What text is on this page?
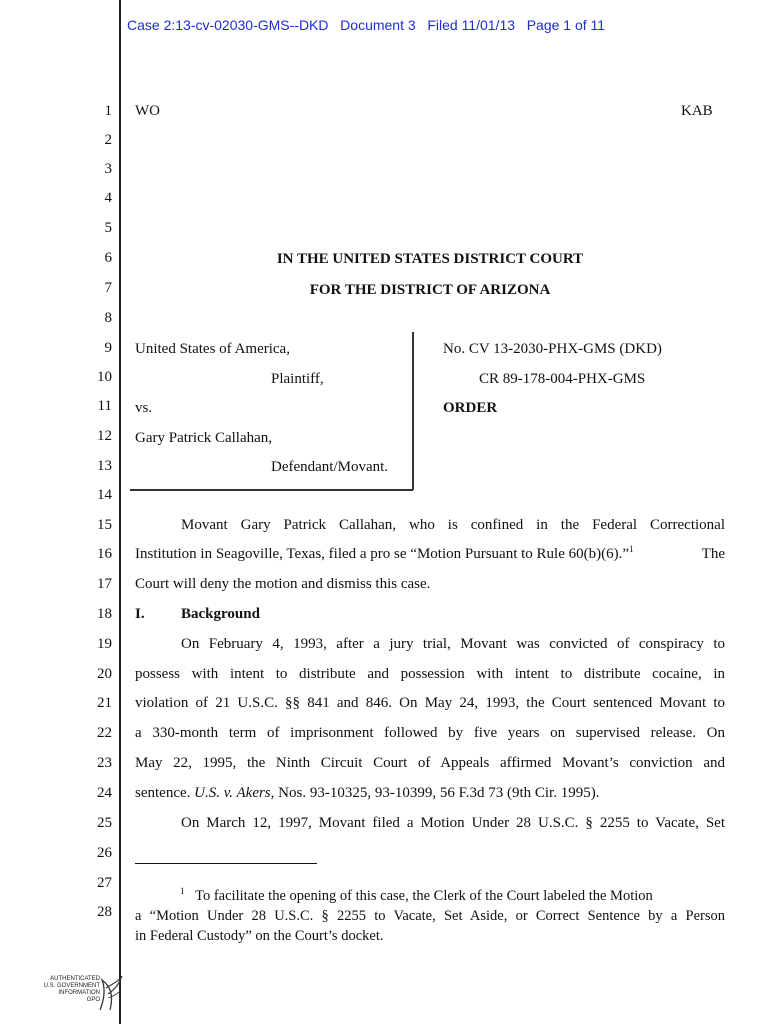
Case 2:13-cv-02030-GMS--DKD   Document 3   Filed 11/01/13   Page 1 of 11
1
2
3
4
5
6
7
8
9
10
11
12
13
14
15
16
17
18
19
20
21
22
23
24
25
26
27
28
WO	KAB
IN THE UNITED STATES DISTRICT COURT
FOR THE DISTRICT OF ARIZONA
United States of America,
Plaintiff,
vs.
Gary Patrick Callahan,
Defendant/Movant.
No. CV 13-2030-PHX-GMS (DKD)
CR 89-178-004-PHX-GMS
ORDER
Movant Gary Patrick Callahan, who is confined in the Federal Correctional
Institution in Seagoville, Texas, filed a pro se “Motion Pursuant to Rule 60(b)(6).”$^1$	The
Court will deny the motion and dismiss this case.
I. Background
On February 4, 1993, after a jury trial, Movant was convicted of conspiracy to
possess with intent to distribute and possession with intent to distribute cocaine, in
violation of 21 U.S.C. §§ 841 and 846. On May 24, 1993, the Court sentenced Movant to
a 330-month term of imprisonment followed by five years on supervised release. On
May 22, 1995, the Ninth Circuit Court of Appeals affirmed Movant’s conviction and
sentence. U.S. v. Akers, Nos. 93-10325, 93-10399, 56 F.3d 73 (9th Cir. 1995).
On March 12, 1997, Movant filed a Motion Under 28 U.S.C. § 2255 to Vacate, Set
$^1$ To facilitate the opening of this case, the Clerk of the Court labeled the Motion
a “Motion Under 28 U.S.C. § 2255 to Vacate, Set Aside, or Correct Sentence by a Person
in Federal Custody” on the Court’s docket.
AUTHENTICATED
U.S. GOVERNMENT
INFORMATION
GPO
